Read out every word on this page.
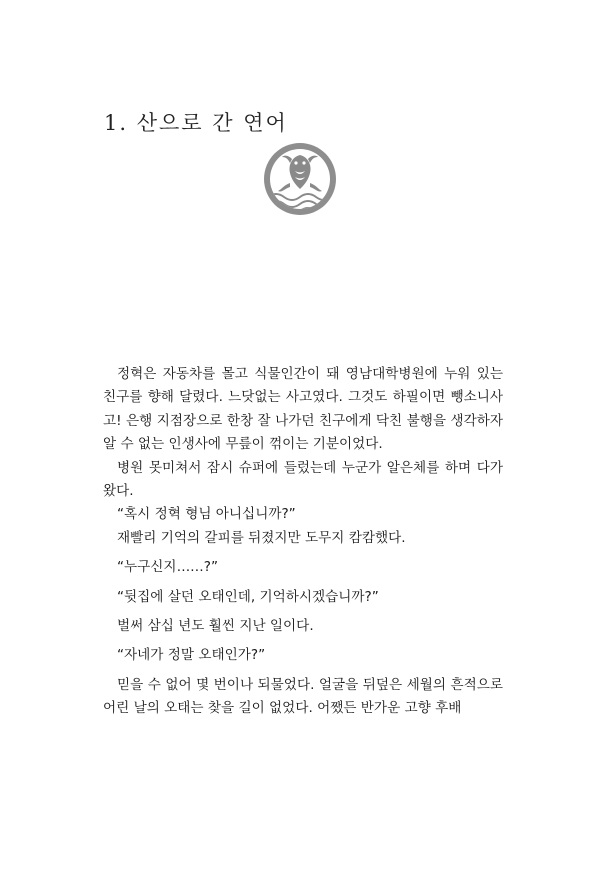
1. 산으로 간 연어

정혁은 자동차를 몰고 식물인간이 돼 영남대학병원에 누워 있는 친구를 향해 달렸다. 느닷없는 사고였다. 그것도 하필이면 뺑소니사고! 은행 지점장으로 한창 잘 나가던 친구에게 닥친 불행을 생각하자 알 수 없는 인생사에 무릎이 꺾이는 기분이었다.

병원 못미쳐서 잠시 슈퍼에 들렀는데 누군가 알은체를 하며 다가왔다.

“혹시 정혁 형님 아니십니까?”

재빨리 기억의 갈피를 뒤졌지만 도무지 캄캄했다.

“누구신지……?”

“뒷집에 살던 오태인데, 기억하시겠습니까?”

벌써 삼십 년도 훨씬 지난 일이다.

“자네가 정말 오태인가?”

믿을 수 없어 몇 번이나 되물었다. 얼굴을 뒤덮은 세월의 흔적으로 어린 날의 오태는 찾을 길이 없었다. 어쨌든 반가운 고향 후배
